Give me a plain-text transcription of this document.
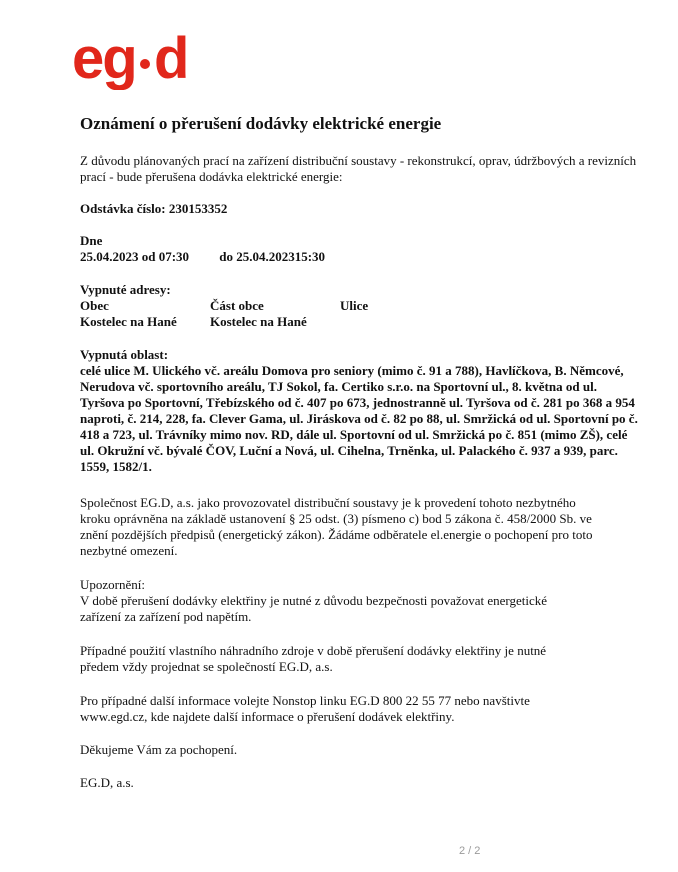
eg d
Oznámení o přerušení dodávky elektrické energie

Z důvodu plánovaných prací na zařízení distribuční soustavy - rekonstrukcí, oprav, údržbových a revizních prací - bude přerušena dodávka elektrické energie:

Odstávka číslo: 230153352

Dne

25.04.2023 od 07:30 do 25.04.202315:30

Vypnuté adresy:

Obec	Část obce	Ulice
Kostelec na Hané	Kostelec na Hané

Vypnutá oblast:

celé ulice M. Ulického vč. areálu Domova pro seniory (mimo č. 91 a 788), Havlíčkova, B. Němcové, Nerudova vč. sportovního areálu, TJ Sokol, fa. Certiko s.r.o. na Sportovní ul., 8. května od ul. Tyršova po Sportovní, Třebízského od č. 407 po 673, jednostranně ul. Tyršova od č. 281 po 368 a 954 naproti, č. 214, 228, fa. Clever Gama, ul. Jiráskova od č. 82 po 88, ul. Smržická od ul. Sportovní po č. 418 a 723, ul. Trávníky mimo nov. RD, dále ul. Sportovní od ul. Smržická po č. 851 (mimo ZŠ), celé ul. Okružní vč. bývalé ČOV, Luční a Nová, ul. Cihelna, Trněnka, ul. Palackého č. 937 a 939, parc. 1559, 1582/1.

Společnost EG.D, a.s. jako provozovatel distribuční soustavy je k provedení tohoto nezbytného kroku oprávněna na základě ustanovení § 25 odst. (3) písmeno c) bod 5 zákona č. 458/2000 Sb. ve znění pozdějších předpisů (energetický zákon). Žádáme odběratele el.energie o pochopení pro toto nezbytné omezení.

Upozornění:

V době přerušení dodávky elektřiny je nutné z důvodu bezpečnosti považovat energetické zařízení za zařízení pod napětím.

Případné použití vlastního náhradního zdroje v době přerušení dodávky elektřiny je nutné předem vždy projednat se společností EG.D, a.s.

Pro případné další informace volejte Nonstop linku EG.D 800 22 55 77 nebo navštivte www.egd.cz, kde najdete další informace o přerušení dodávek elektřiny.

Děkujeme Vám za pochopení.

EG.D, a.s.

2 / 2
